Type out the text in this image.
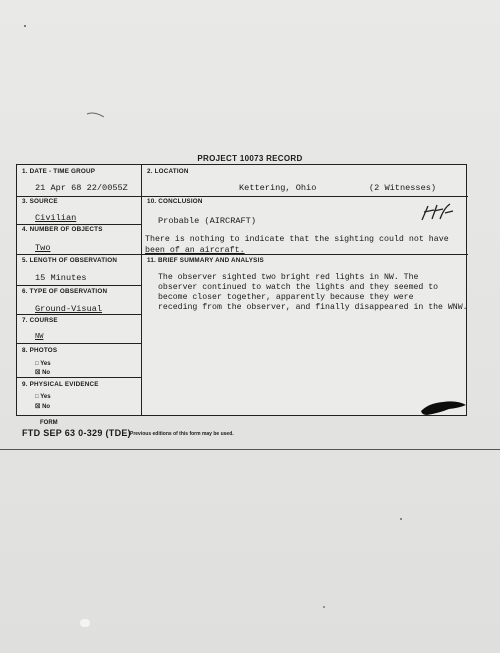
PROJECT 10073 RECORD
1. DATE - TIME GROUP
21 Apr 68 22/0055Z
2. LOCATION
Kettering, Ohio	(2 Witnesses)
3. SOURCE
Civilian
4. NUMBER OF OBJECTS
Two
5. LENGTH OF OBSERVATION
15 Minutes
6. TYPE OF OBSERVATION
Ground-Visual
7. COURSE
NW
8. PHOTOS
□ Yes
☒ No
9. PHYSICAL EVIDENCE
□ Yes
☒ No
10. CONCLUSION
Probable (AIRCRAFT)
There is nothing to indicate that the sighting could not have
been of an aircraft.
11. BRIEF SUMMARY AND ANALYSIS
The observer sighted two bright red lights in NW. The
observer continued to watch the lights and they seemed to
become closer together, apparently because they were
receding from the observer, and finally disappeared in the WNW.
FORM
FTD SEP 63 0-329 (TDE) Previous editions of this form may be used.
